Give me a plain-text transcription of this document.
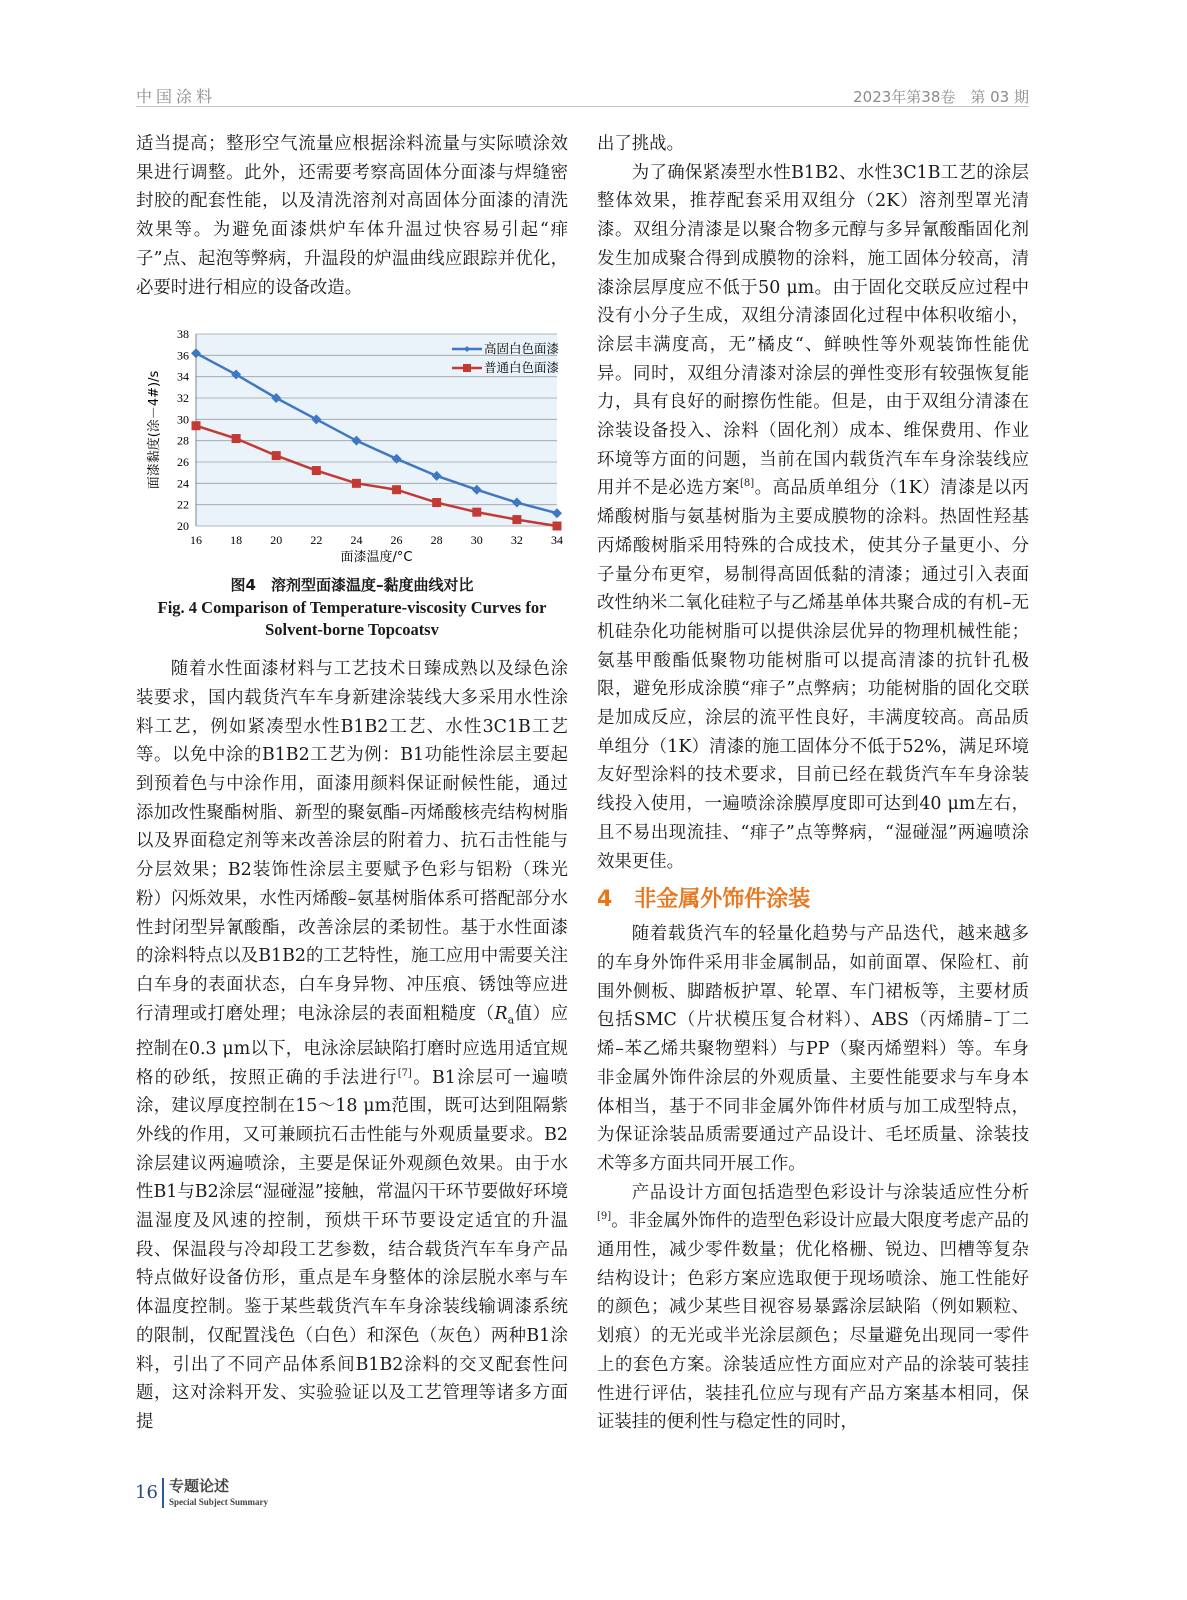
中国涂料	2023年第38卷　第 03 期

适当提高；整形空气流量应根据涂料流量与实际喷涂效果进行调整。此外，还需要考察高固体分面漆与焊缝密封胶的配套性能，以及清洗溶剂对高固体分面漆的清洗效果等。为避免面漆烘炉车体升温过快容易引起“痱子”点、起泡等弊病，升温段的炉温曲线应跟踪并优化，必要时进行相应的设备改造。

20
22
24
26
28
30
32
34
36
38
16 18 20 22 24 26 28 30 32 34
面漆温度/°C
面漆黏度(涂－4#)/s
高固白色面漆
普通白色面漆
图4　溶剂型面漆温度–黏度曲线对比
Fig. 4 Comparison of Temperature-viscosity Curves for Solvent-borne Topcoatsv

随着水性面漆材料与工艺技术日臻成熟以及绿色涂装要求，国内载货汽车车身新建涂装线大多采用水性涂料工艺，例如紧凑型水性B1B2工艺、水性3C1B工艺等。以免中涂的B1B2工艺为例：B1功能性涂层主要起到预着色与中涂作用，面漆用颜料保证耐候性能，通过添加改性聚酯树脂、新型的聚氨酯–丙烯酸核壳结构树脂以及界面稳定剂等来改善涂层的附着力、抗石击性能与分层效果；B2装饰性涂层主要赋予色彩与铝粉（珠光粉）闪烁效果，水性丙烯酸–氨基树脂体系可搭配部分水性封闭型异氰酸酯，改善涂层的柔韧性。基于水性面漆的涂料特点以及B1B2的工艺特性，施工应用中需要关注白车身的表面状态，白车身异物、冲压痕、锈蚀等应进行清理或打磨处理；电泳涂层的表面粗糙度（$R_a$值）应控制在0.3 μm以下，电泳涂层缺陷打磨时应选用适宜规格的砂纸，按照正确的手法进行[7]。B1涂层可一遍喷涂，建议厚度控制在15～18 μm范围，既可达到阻隔紫外线的作用，又可兼顾抗石击性能与外观质量要求。B2涂层建议两遍喷涂，主要是保证外观颜色效果。由于水性B1与B2涂层“湿碰湿”接触，常温闪干环节要做好环境温湿度及风速的控制，预烘干环节要设定适宜的升温段、保温段与冷却段工艺参数，结合载货汽车车身产品特点做好设备仿形，重点是车身整体的涂层脱水率与车体温度控制。鉴于某些载货汽车车身涂装线输调漆系统的限制，仅配置浅色（白色）和深色（灰色）两种B1涂料，引出了不同产品体系间B1B2涂料的交叉配套性问题，这对涂料开发、实验验证以及工艺管理等诸多方面提

出了挑战。

为了确保紧凑型水性B1B2、水性3C1B工艺的涂层整体效果，推荐配套采用双组分（2K）溶剂型罩光清漆。双组分清漆是以聚合物多元醇与多异氰酸酯固化剂发生加成聚合得到成膜物的涂料，施工固体分较高，清漆涂层厚度应不低于50 μm。由于固化交联反应过程中没有小分子生成，双组分清漆固化过程中体积收缩小，涂层丰满度高，无”橘皮“、鲜映性等外观装饰性能优异。同时，双组分清漆对涂层的弹性变形有较强恢复能力，具有良好的耐擦伤性能。但是，由于双组分清漆在涂装设备投入、涂料（固化剂）成本、维保费用、作业环境等方面的问题，当前在国内载货汽车车身涂装线应用并不是必选方案[8]。高品质单组分（1K）清漆是以丙烯酸树脂与氨基树脂为主要成膜物的涂料。热固性羟基丙烯酸树脂采用特殊的合成技术，使其分子量更小、分子量分布更窄，易制得高固低黏的清漆；通过引入表面改性纳米二氧化硅粒子与乙烯基单体共聚合成的有机–无机硅杂化功能树脂可以提供涂层优异的物理机械性能；氨基甲酸酯低聚物功能树脂可以提高清漆的抗针孔极限，避免形成涂膜“痱子”点弊病；功能树脂的固化交联是加成反应，涂层的流平性良好，丰满度较高。高品质单组分（1K）清漆的施工固体分不低于52%，满足环境友好型涂料的技术要求，目前已经在载货汽车车身涂装线投入使用，一遍喷涂涂膜厚度即可达到40 μm左右，且不易出现流挂、“痱子”点等弊病，“湿碰湿”两遍喷涂效果更佳。

4　非金属外饰件涂装

随着载货汽车的轻量化趋势与产品迭代，越来越多的车身外饰件采用非金属制品，如前面罩、保险杠、前围外侧板、脚踏板护罩、轮罩、车门裙板等，主要材质包括SMC（片状模压复合材料）、ABS（丙烯腈–丁二烯–苯乙烯共聚物塑料）与PP（聚丙烯塑料）等。车身非金属外饰件涂层的外观质量、主要性能要求与车身本体相当，基于不同非金属外饰件材质与加工成型特点，为保证涂装品质需要通过产品设计、毛坯质量、涂装技术等多方面共同开展工作。

产品设计方面包括造型色彩设计与涂装适应性分析[9]。非金属外饰件的造型色彩设计应最大限度考虑产品的通用性，减少零件数量；优化格栅、锐边、凹槽等复杂结构设计；色彩方案应选取便于现场喷涂、施工性能好的颜色；减少某些目视容易暴露涂层缺陷（例如颗粒、划痕）的无光或半光涂层颜色；尽量避免出现同一零件上的套色方案。涂装适应性方面应对产品的涂装可装挂性进行评估，装挂孔位应与现有产品方案基本相同，保证装挂的便利性与稳定性的同时，

16 专题论述
Special Subject Summary
